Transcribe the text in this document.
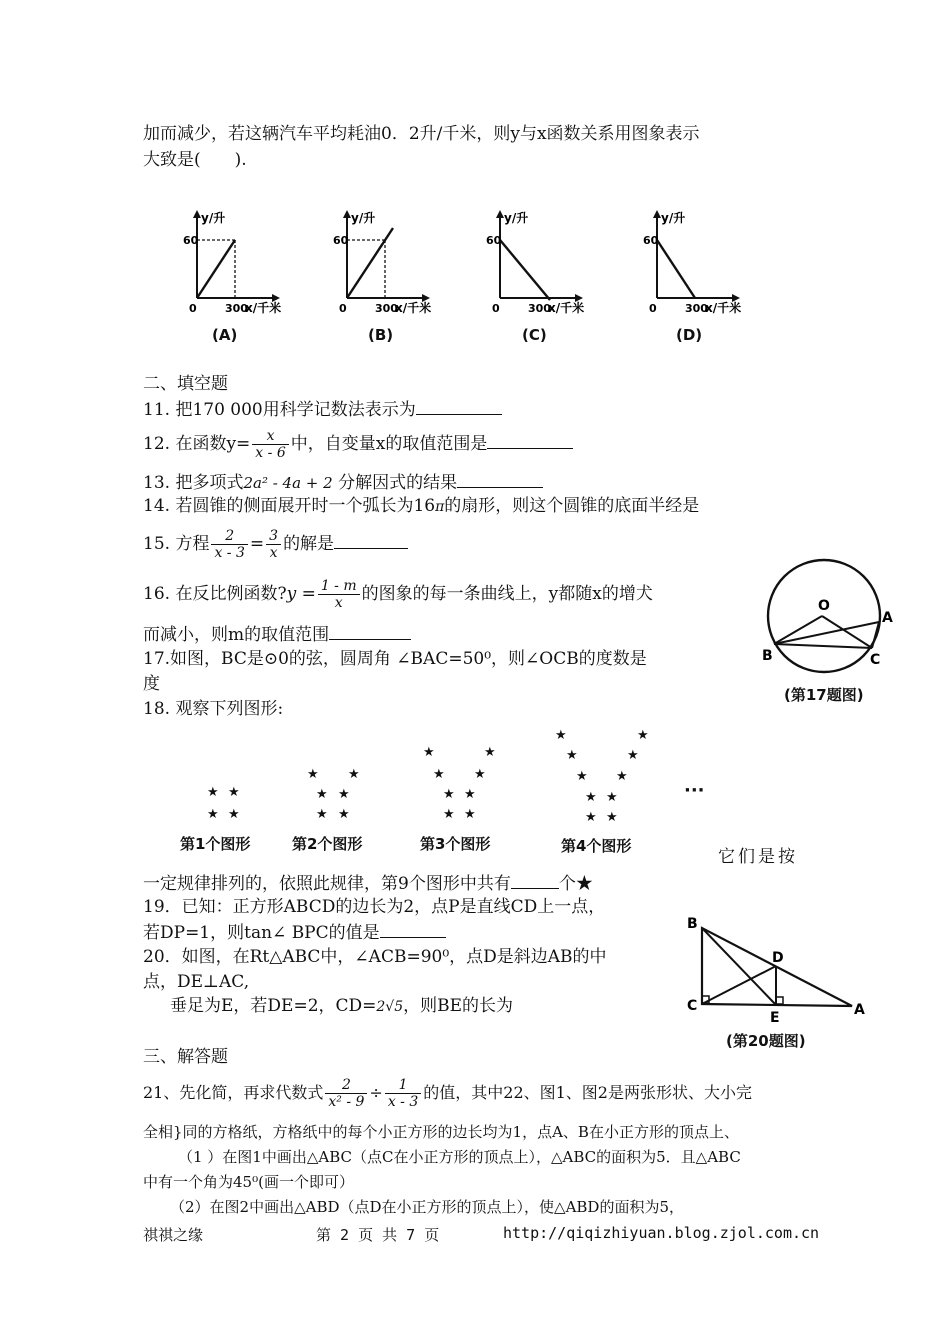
加而减少，若这辆汽车平均耗油0．2升/千米，则y与x函数关系用图象表示
大致是(　　).
y/升
60
0	300
x/千米
y/升
60
0	300
x/千米
y/升
60
0	300
x/千米
y/升
60
0	300
x/千米
(A)	(B)	(C)	(D)
二、填空题
11. 把170 000用科学记数法表示为
12. 在函数$y= \frac{x}{x - 6}$ 中，自变量x的取值范围是
13. 把多项式2a² - 4a + 2 分解因式的结果
14. 若圆锥的侧面展开时一个弧长为16π的扇形，则这个圆锥的底面半经是
15. 方程 $\frac{2}{x - 3} = \frac{3}{x}$ 的解是
16. 在反比例函数?y = $\frac{1 - m}{x}$ 的图象的每一条曲线上，y都随x的增犬
而减小，则m的取值范围
17.如图，BC是⊙0的弦，圆周角 ∠BAC=50⁰，则∠OCB的度数是
度
O
A
B	C
(第17题图)
18. 观察下列图形:
★ ★
★ ★
★ ★
★ ★
★ ★
★	★
★ ★
★ ★
★ ★
★	★
★	★
★ ★
★ ★
★ ★
第1个图形	第2个图形	第3个图形	第4个图形
···
它们是按
一定规律排列的，依照此规律，第9个图形中共有	个★
19．已知：正方形ABCD的边长为2，点P是直线CD上一点，
若DP=1，则tan∠ BPC的值是
20．如图，在Rt△ABC中，∠ACB=90⁰，点D是斜边AB的中
点，DE⊥AC,
垂足为E，若DE=2，CD=2√5，则BE的长为
B
D
C
E	A
(第20题图)
三、解答题
21、先化简，再求代数式 $\frac{2}{\text{x² - 9}} \div \frac{1}{x - 3}$ 的值，其中22、图1、图2是两张形状、大小完
全相}同的方格纸，方格纸中的每个小正方形的边长均为1，点A、B在小正方形的顶点上、
（1 ）在图1中画出△ABC（点C在小正方形的顶点上），△ABC的面积为5．且△ABC
中有一个角为45⁰(画一个即可）
（2）在图2中画出△ABD（点D在小正方形的顶点上），使△ABD的面积为5，
祺祺之缘	第 2 页 共 7 页	http://qiqizhiyuan.blog.zjol.com.cn
